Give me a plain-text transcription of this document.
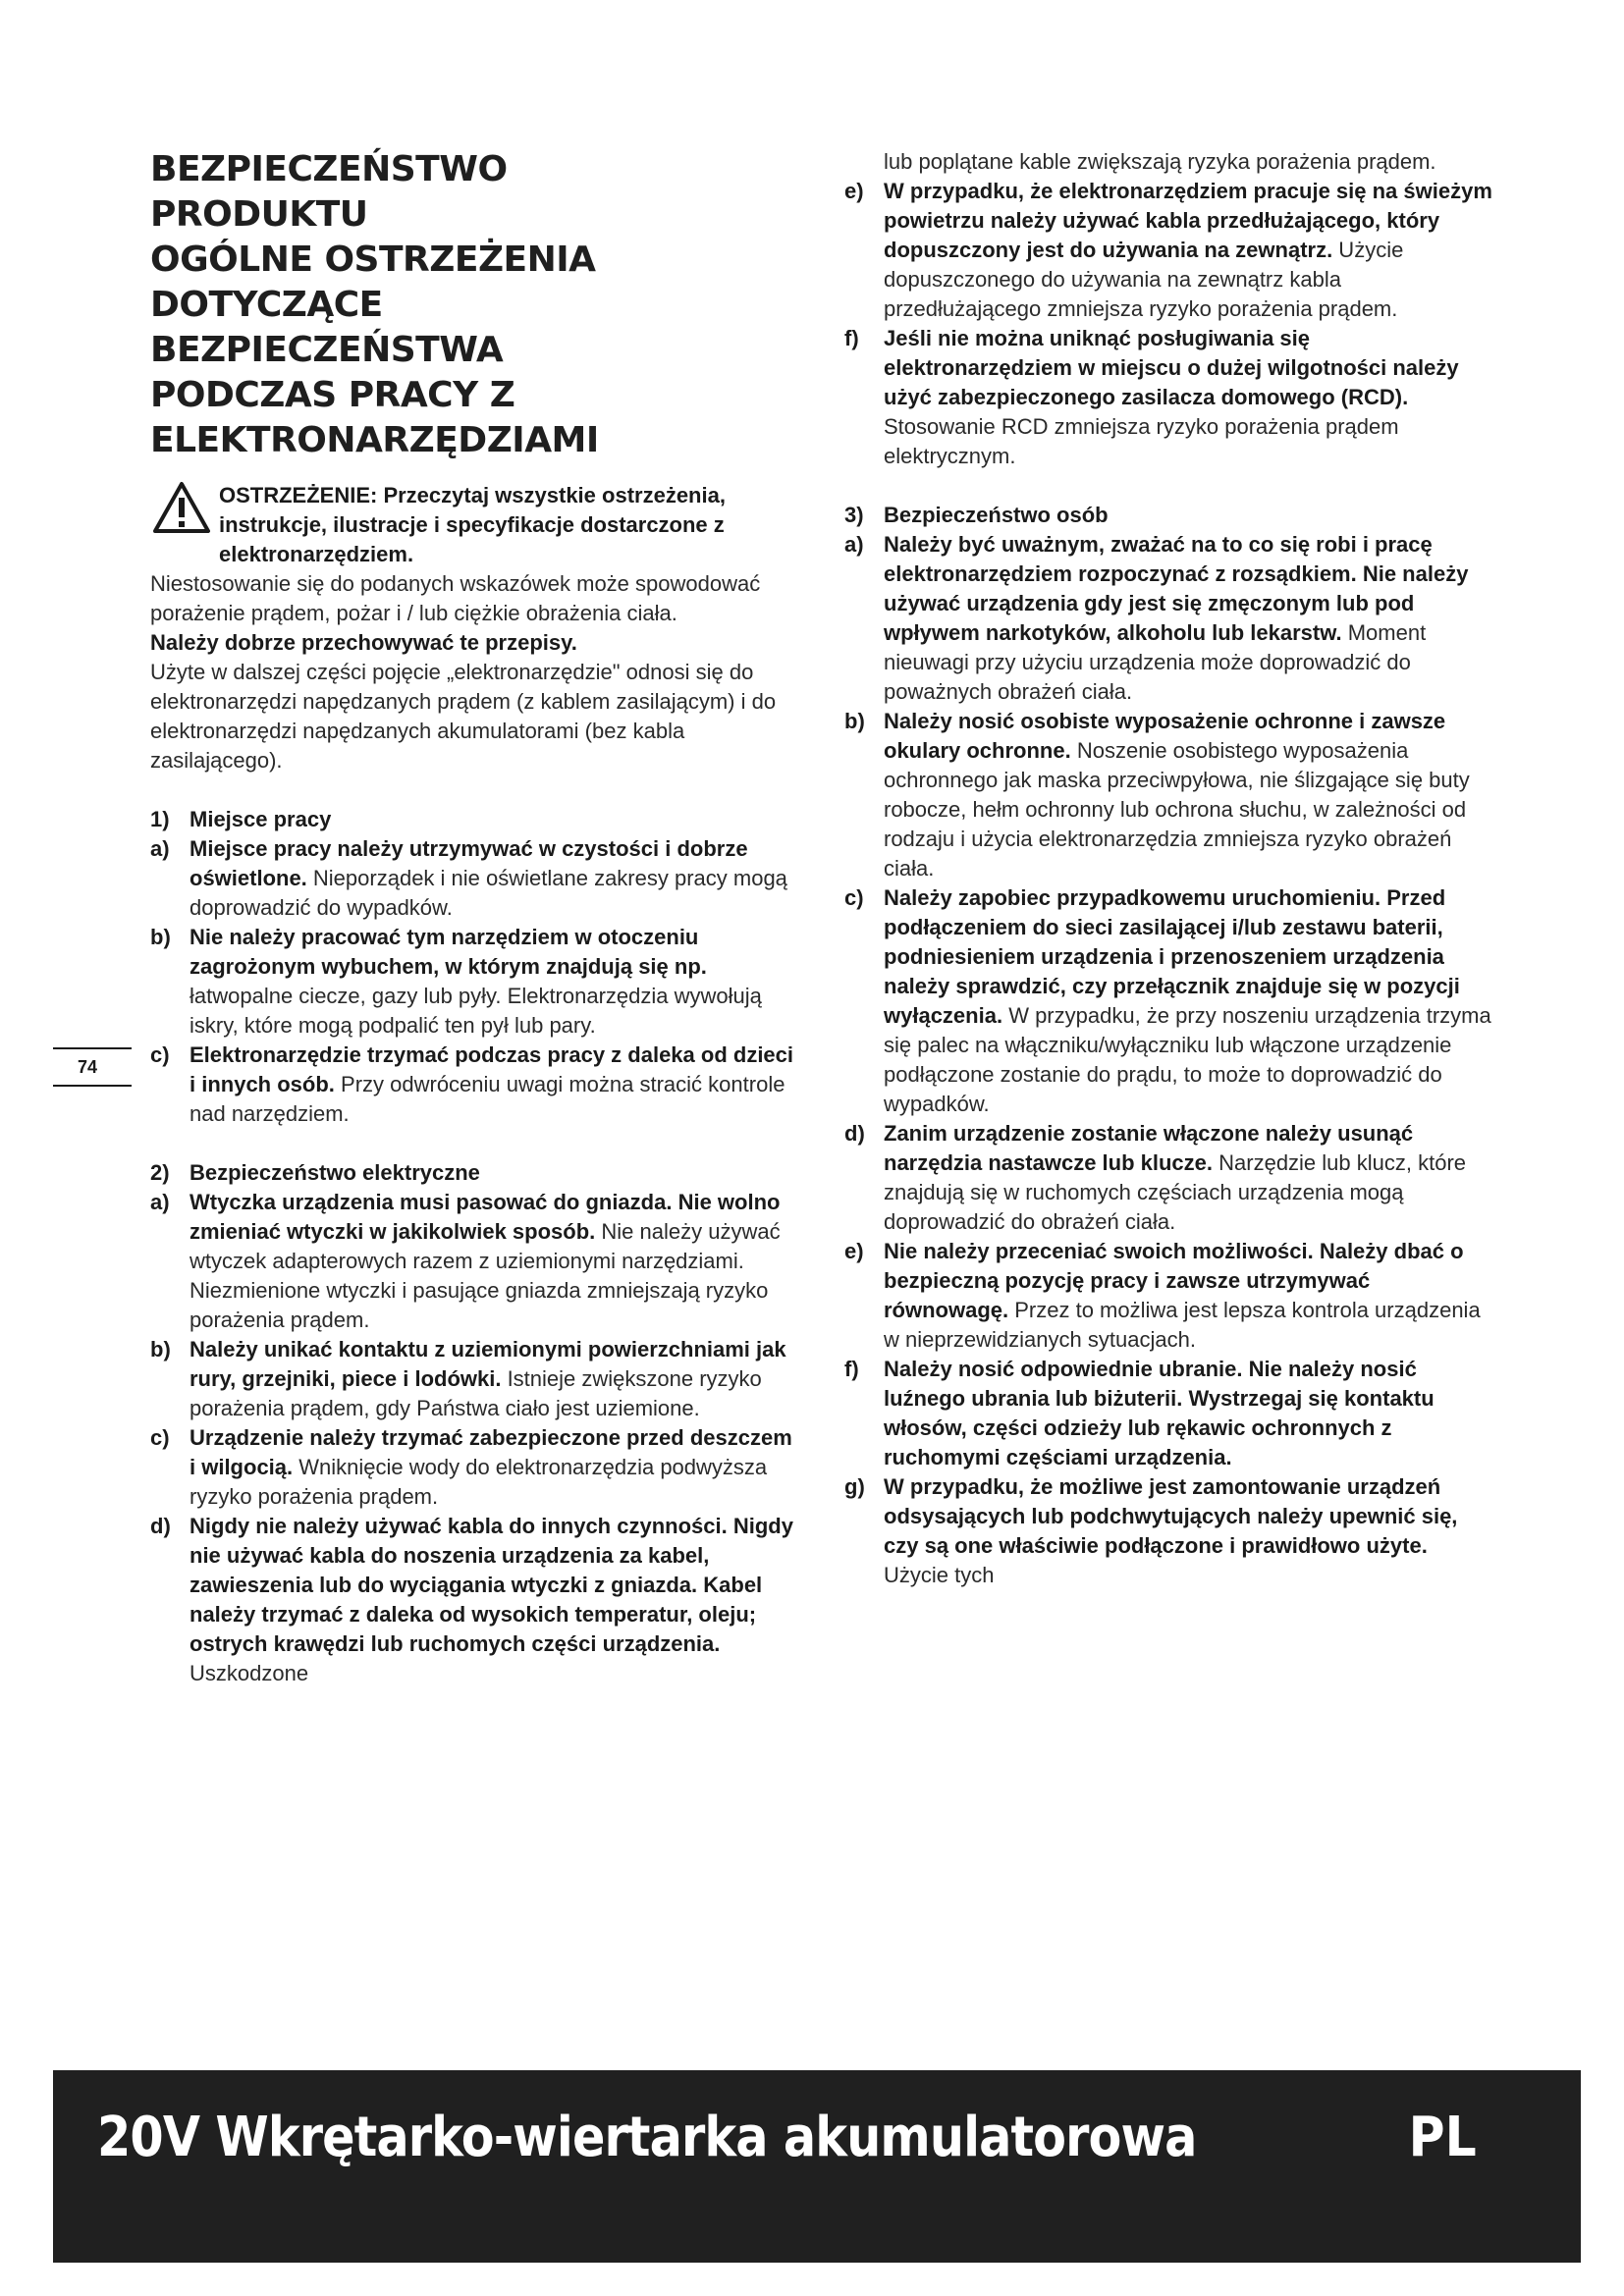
BEZPIECZEŃSTWO
PRODUKTU
OGÓLNE OSTRZEŻENIA
DOTYCZĄCE
BEZPIECZEŃSTWA
PODCZAS PRACY Z
ELEKTRONARZĘDZIAMI
OSTRZEŻENIE: Przeczytaj wszystkie ostrzeżenia, instrukcje, ilustracje i specyfikacje dostarczone z elektronarzędziem.

Niestosowanie się do podanych wskazówek może spowodować porażenie prądem, pożar i / lub ciężkie obrażenia ciała.

Należy dobrze przechowywać te przepisy.

Użyte w dalszej części pojęcie „elektronarzędzie" odnosi się do elektronarzędzi napędzanych prądem (z kablem zasilającym) i do elektronarzędzi napędzanych akumulatorami (bez kabla zasilającego).

1) Miejsce pracy
a) Miejsce pracy należy utrzymywać w czystości i dobrze oświetlone. Nieporządek i nie oświetlane zakresy pracy mogą doprowadzić do wypadków.
b) Nie należy pracować tym narzędziem w otoczeniu zagrożonym wybuchem, w którym znajdują się np. łatwopalne ciecze, gazy lub pyły. Elektronarzędzia wywołują iskry, które mogą podpalić ten pył lub pary.
c) Elektronarzędzie trzymać podczas pracy z daleka od dzieci i innych osób. Przy odwróceniu uwagi można stracić kontrole nad narzędziem.
2) Bezpieczeństwo elektryczne
a) Wtyczka urządzenia musi pasować do gniazda. Nie wolno zmieniać wtyczki w jakikolwiek sposób. Nie należy używać wtyczek adapterowych razem z uziemionymi narzędziami. Niezmienione wtyczki i pasujące gniazda zmniejszają ryzyko porażenia prądem.
b) Należy unikać kontaktu z uziemionymi powierzchniami jak rury, grzejniki, piece i lodówki. Istnieje zwiększone ryzyko porażenia prądem, gdy Państwa ciało jest uziemione.
c) Urządzenie należy trzymać zabezpieczone przed deszczem i wilgocią. Wniknięcie wody do elektronarzędzia podwyższa ryzyko porażenia prądem.
d) Nigdy nie należy używać kabla do innych czynności. Nigdy nie używać kabla do noszenia urządzenia za kabel, zawieszenia lub do wyciągania wtyczki z gniazda. Kabel należy trzymać z daleka od wysokich temperatur, oleju; ostrych krawędzi lub ruchomych części urządzenia. Uszkodzone
lub poplątane kable zwiększają ryzyka porażenia prądem.
e) W przypadku, że elektronarzędziem pracuje się na świeżym powietrzu należy używać kabla przedłużającego, który dopuszczony jest do używania na zewnątrz. Użycie dopuszczonego do używania na zewnątrz kabla przedłużającego zmniejsza ryzyko porażenia prądem.
f)	Jeśli nie można uniknąć posługiwania się elektronarzędziem w miejscu o dużej wilgotności należy użyć zabezpieczonego zasilacza domowego (RCD). Stosowanie RCD zmniejsza ryzyko porażenia prądem elektrycznym.
3) Bezpieczeństwo osób
a) Należy być uważnym, zważać na to co się robi i pracę elektronarzędziem rozpoczynać z rozsądkiem. Nie należy używać urządzenia gdy jest się zmęczonym lub pod wpływem narkotyków, alkoholu lub lekarstw. Moment nieuwagi przy użyciu urządzenia może doprowadzić do poważnych obrażeń ciała.
b) Należy nosić osobiste wyposażenie ochronne i zawsze okulary ochronne. Noszenie osobistego wyposażenia ochronnego jak maska przeciwpyłowa, nie ślizgające się buty robocze, hełm ochronny lub ochrona słuchu, w zależności od rodzaju i użycia elektronarzędzia zmniejsza ryzyko obrażeń ciała.
c) Należy zapobiec przypadkowemu uruchomieniu. Przed podłączeniem do sieci zasilającej i/lub zestawu baterii, podniesieniem urządzenia i przenoszeniem urządzenia należy sprawdzić, czy przełącznik znajduje się w pozycji wyłączenia. W przypadku, że przy noszeniu urządzenia trzyma się palec na włączniku/wyłączniku lub włączone urządzenie podłączone zostanie do prądu, to może to doprowadzić do wypadków.
d) Zanim urządzenie zostanie włączone należy usunąć narzędzia nastawcze lub klucze. Narzędzie lub klucz, które znajdują się w ruchomych częściach urządzenia mogą doprowadzić do obrażeń ciała.
e) Nie należy przeceniać swoich możliwości. Należy dbać o bezpieczną pozycję pracy i zawsze utrzymywać równowagę. Przez to możliwa jest lepsza kontrola urządzenia w nieprzewidzianych sytuacjach.
f)	Należy nosić odpowiednie ubranie. Nie należy nosić luźnego ubrania lub biżuterii. Wystrzegaj się kontaktu włosów, części odzieży lub rękawic ochronnych z ruchomymi częściami urządzenia.
g) W przypadku, że możliwe jest zamontowanie urządzeń odsysających lub podchwytujących należy upewnić się, czy są one właściwie podłączone i prawidłowo użyte. Użycie tych
74
20V Wkrętarko-wiertarka akumulatorowa	PL
